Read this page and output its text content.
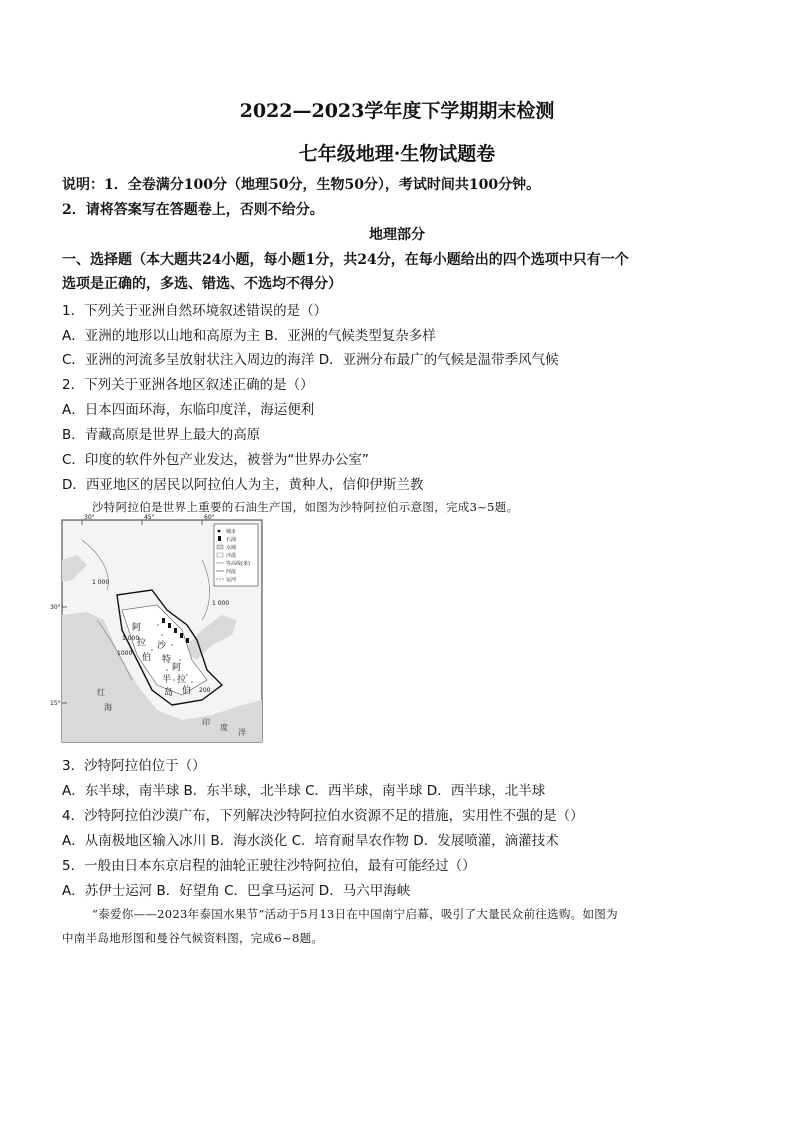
2022—2023学年度下学期期末检测
七年级地理·生物试题卷
说明：1．全卷满分100分（地理50分，生物50分），考试时间共100分钟。
2．请将答案写在答题卷上，否则不给分。
地理部分
一、选择题（本大题共24小题，每小题1分，共24分，在每小题给出的四个选项中只有一个
选项是正确的，多选、错选、不选均不得分）
1．下列关于亚洲自然环境叙述错误的是（）
A．亚洲的地形以山地和高原为主 B．亚洲的气候类型复杂多样
C．亚洲的河流多呈放射状注入周边的海洋 D．亚洲分布最广的气候是温带季风气候
2．下列关于亚洲各地区叙述正确的是（）
A．日本四面环海，东临印度洋，海运便利
B．青藏高原是世界上最大的高原
C．印度的软件外包产业发达，被誉为“世界办公室”
D．西亚地区的居民以阿拉伯人为主，黄种人，信仰伊斯兰教
沙特阿拉伯是世界上重要的石油生产国，如图为沙特阿拉伯示意图，完成3~5题。
城市
石油
水域
沙漠
等高线(米)
河流
运河
30°	45°	60°
30°
15°
1 000
1 000
1 000
1000
200
阿
拉
伯
沙
特
阿
拉
伯
半
岛
红
海
印
度
洋
3．沙特阿拉伯位于（）
A．东半球，南半球 B．东半球，北半球 C．西半球，南半球 D．西半球，北半球
4．沙特阿拉伯沙漠广布，下列解决沙特阿拉伯水资源不足的措施，实用性不强的是（）
A．从南极地区输入冰川 B．海水淡化 C．培育耐旱农作物 D．发展喷灌，滴灌技术
5．一般由日本东京启程的油轮正驶往沙特阿拉伯，最有可能经过（）
A．苏伊士运河 B．好望角 C．巴拿马运河 D．马六甲海峡
“泰爱你——2023年泰国水果节”活动于5月13日在中国南宁启幕，吸引了大量民众前往选购。如图为
中南半岛地形图和曼谷气候资料图，完成6~8题。
